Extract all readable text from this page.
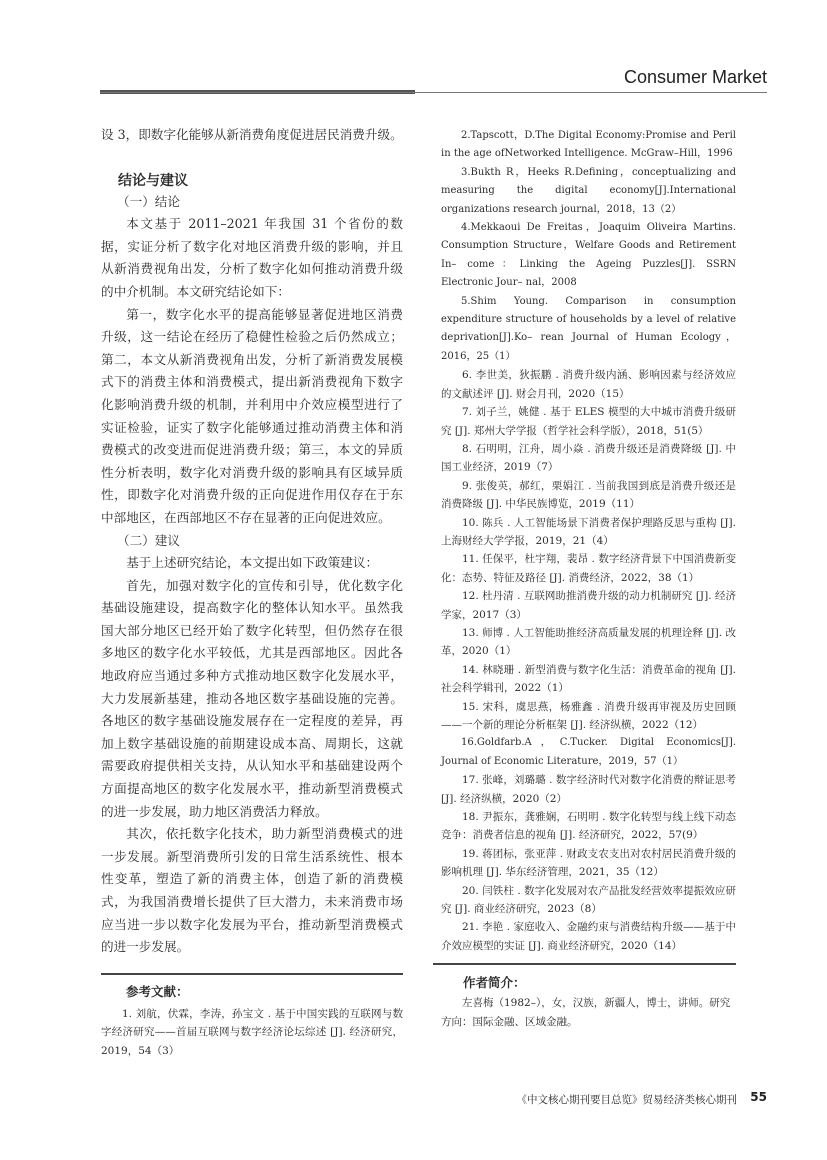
Consumer Market

设 3，即数字化能够从新消费角度促进居民消费升级。

结论与建议
（一）结论

本文基于 2011–2021 年我国 31 个省份的数据，实证分析了数字化对地区消费升级的影响，并且从新消费视角出发，分析了数字化如何推动消费升级的中介机制。本文研究结论如下：

第一，数字化水平的提高能够显著促进地区消费升级，这一结论在经历了稳健性检验之后仍然成立；第二，本文从新消费视角出发，分析了新消费发展模式下的消费主体和消费模式，提出新消费视角下数字化影响消费升级的机制，并利用中介效应模型进行了实证检验，证实了数字化能够通过推动消费主体和消费模式的改变进而促进消费升级；第三，本文的异质性分析表明，数字化对消费升级的影响具有区域异质性，即数字化对消费升级的正向促进作用仅存在于东中部地区，在西部地区不存在显著的正向促进效应。

（二）建议

基于上述研究结论，本文提出如下政策建议：

首先，加强对数字化的宣传和引导，优化数字化基础设施建设，提高数字化的整体认知水平。虽然我国大部分地区已经开始了数字化转型，但仍然存在很多地区的数字化水平较低，尤其是西部地区。因此各地政府应当通过多种方式推动地区数字化发展水平，大力发展新基建，推动各地区数字基础设施的完善。各地区的数字基础设施发展存在一定程度的差异，再加上数字基础设施的前期建设成本高、周期长，这就需要政府提供相关支持，从认知水平和基础建设两个方面提高地区的数字化发展水平，推动新型消费模式的进一步发展，助力地区消费活力释放。

其次，依托数字化技术，助力新型消费模式的进一步发展。新型消费所引发的日常生活系统性、根本性变革，塑造了新的消费主体，创造了新的消费模式，为我国消费增长提供了巨大潜力，未来消费市场应当进一步以数字化发展为平台，推动新型消费模式的进一步发展。

参考文献：

1. 刘航，伏霖，李涛，孙宝文 . 基于中国实践的互联网与数字经济研究——首届互联网与数字经济论坛综述 [J]. 经济研究，2019，54（3）

2.Tapscott，D.The Digital Economy:Promise and Peril in the age ofNetworked Intelligence. McGraw–Hill，1996

3.Bukth R，Heeks R.Defining，conceptualizing and measuring the digital economy[J].International organizations research journal，2018，13（2）

4.Mekkaoui De Freitas，Joaquim Oliveira Martins. Consumption Structure，Welfare Goods and Retirement In– come：Linking the Ageing Puzzles[J]. SSRN Electronic Jour– nal，2008

5.Shim Young. Comparison in consumption expenditure structure of households by a level of relative deprivation[J].Ko– rean Journal of Human Ecology，2016，25（1）

6. 李世美，狄振鹏 . 消费升级内涵、影响因素与经济效应的文献述评 [J]. 财会月刊，2020（15）

7. 刘子兰，姚健 . 基于 ELES 模型的大中城市消费升级研究 [J]. 郑州大学学报（哲学社会科学版），2018，51(5）

8. 石明明，江舟，周小焱 . 消费升级还是消费降级 [J]. 中国工业经济，2019（7）

9. 张俊英，郝红，栗娟江 . 当前我国到底是消费升级还是消费降级 [J]. 中华民族博览，2019（11）

10. 陈兵 . 人工智能场景下消费者保护理路反思与重构 [J]. 上海财经大学学报，2019，21（4）

11. 任保平，杜宇翔，裴昂 . 数字经济背景下中国消费新变化：态势、特征及路径 [J]. 消费经济，2022，38（1）

12. 杜丹清 . 互联网助推消费升级的动力机制研究 [J]. 经济学家，2017（3）

13. 师博 . 人工智能助推经济高质量发展的机理诠释 [J]. 改革，2020（1）

14. 林晓珊 . 新型消费与数字化生活：消费革命的视角 [J]. 社会科学辑刊，2022（1）

15. 宋科，虞思燕，杨雅鑫 . 消费升级再审视及历史回顾——一个新的理论分析框架 [J]. 经济纵横，2022（12）

16.Goldfarb.A，C.Tucker. Digital Economics[J]. Journal of Economic Literature，2019，57（1）

17. 张峰，刘璐璐 . 数字经济时代对数字化消费的辩证思考 [J]. 经济纵横，2020（2）

18. 尹振东，龚雅娴，石明明 . 数字化转型与线上线下动态竞争：消费者信息的视角 [J]. 经济研究，2022，57(9）

19. 蒋团标，张亚萍 . 财政支农支出对农村居民消费升级的影响机理 [J]. 华东经济管理，2021，35（12）

20. 闫铁柱 . 数字化发展对农产品批发经营效率提振效应研究 [J]. 商业经济研究，2023（8）

21. 李艳 . 家庭收入、金融约束与消费结构升级——基于中介效应模型的实证 [J]. 商业经济研究，2020（14）

作者简介：

左喜梅（1982–），女，汉族，新疆人，博士，讲师。研究方向：国际金融、区域金融。

《中文核心期刊要目总览》贸易经济类核心期刊 55
